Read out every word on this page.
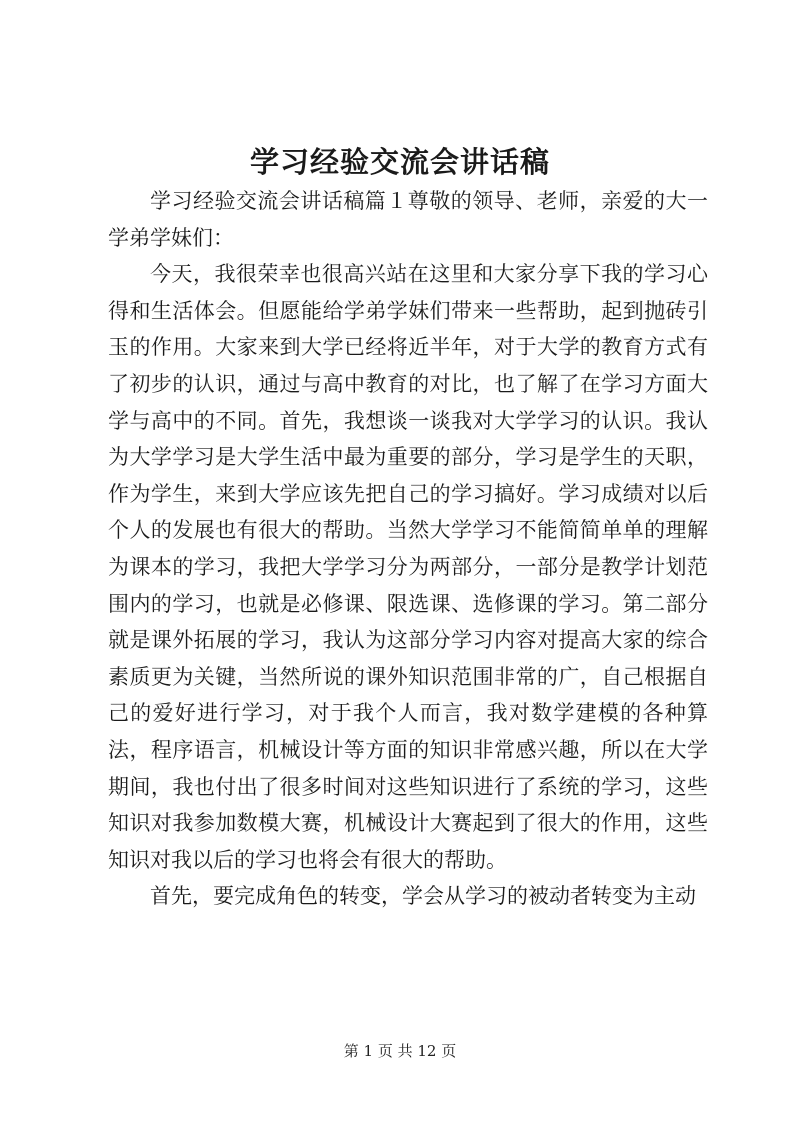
学习经验交流会讲话稿

学习经验交流会讲话稿篇１尊敬的领导、老师，亲爱的大一学弟学妹们：

今天，我很荣幸也很高兴站在这里和大家分享下我的学习心得和生活体会。但愿能给学弟学妹们带来一些帮助，起到抛砖引玉的作用。大家来到大学已经将近半年，对于大学的教育方式有了初步的认识，通过与高中教育的对比，也了解了在学习方面大学与高中的不同。首先，我想谈一谈我对大学学习的认识。我认为大学学习是大学生活中最为重要的部分，学习是学生的天职，作为学生，来到大学应该先把自己的学习搞好。学习成绩对以后个人的发展也有很大的帮助。当然大学学习不能简简单单的理解为课本的学习，我把大学学习分为两部分，一部分是教学计划范围内的学习，也就是必修课、限选课、选修课的学习。第二部分就是课外拓展的学习，我认为这部分学习内容对提高大家的综合素质更为关键，当然所说的课外知识范围非常的广，自己根据自己的爱好进行学习，对于我个人而言，我对数学建模的各种算法，程序语言，机械设计等方面的知识非常感兴趣，所以在大学期间，我也付出了很多时间对这些知识进行了系统的学习，这些知识对我参加数模大赛，机械设计大赛起到了很大的作用，这些知识对我以后的学习也将会有很大的帮助。

首先，要完成角色的转变，学会从学习的被动者转变为主动

第 1 页 共 12 页
